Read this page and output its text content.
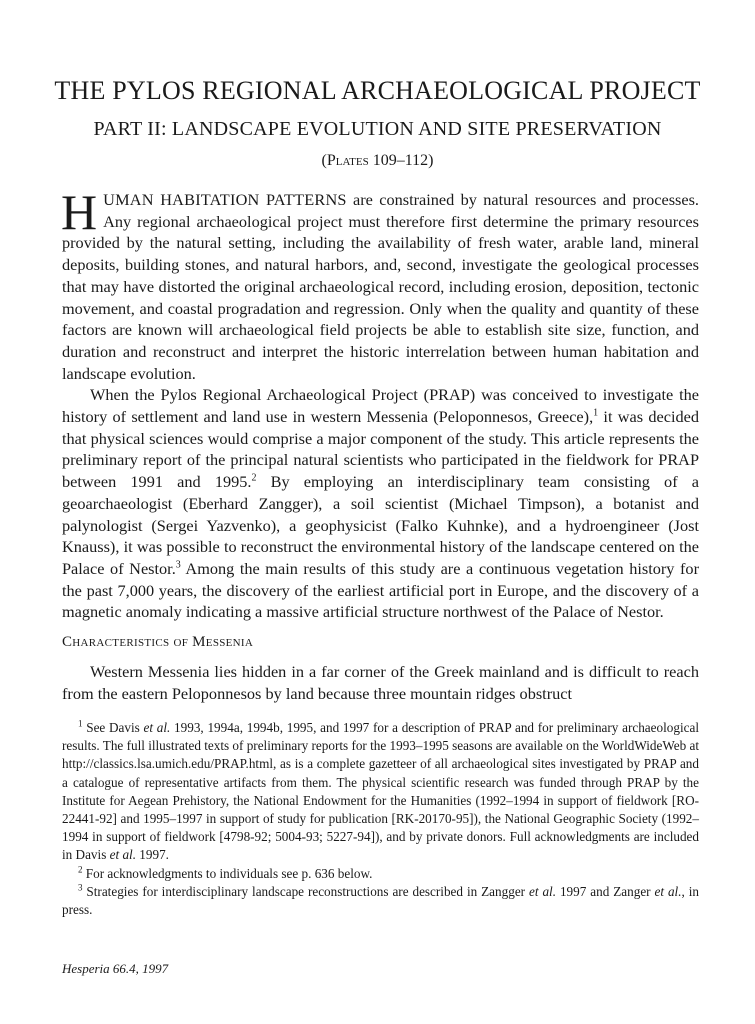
THE PYLOS REGIONAL ARCHAEOLOGICAL PROJECT
PART II: LANDSCAPE EVOLUTION AND SITE PRESERVATION
(Plates 109–112)

HUMAN HABITATION PATTERNS are constrained by natural resources and processes. Any regional archaeological project must therefore first determine the primary resources provided by the natural setting, including the availability of fresh water, arable land, mineral deposits, building stones, and natural harbors, and, second, investigate the geological processes that may have distorted the original archaeological record, including erosion, deposition, tectonic movement, and coastal progradation and regression. Only when the quality and quantity of these factors are known will archaeological field projects be able to establish site size, function, and duration and reconstruct and interpret the historic interrelation between human habitation and landscape evolution.

When the Pylos Regional Archaeological Project (PRAP) was conceived to investigate the history of settlement and land use in western Messenia (Peloponnesos, Greece),$^1$ it was decided that physical sciences would comprise a major component of the study. This article represents the preliminary report of the principal natural scientists who participated in the fieldwork for PRAP between 1991 and 1995.$^2$ By employing an interdisciplinary team consisting of a geoarchaeologist (Eberhard Zangger), a soil scientist (Michael Timpson), a botanist and palynologist (Sergei Yazvenko), a geophysicist (Falko Kuhnke), and a hydroengineer (Jost Knauss), it was possible to reconstruct the environmental history of the landscape centered on the Palace of Nestor.$^3$ Among the main results of this study are a continuous vegetation history for the past 7,000 years, the discovery of the earliest artificial port in Europe, and the discovery of a magnetic anomaly indicating a massive artificial structure northwest of the Palace of Nestor.

Characteristics of Messenia

Western Messenia lies hidden in a far corner of the Greek mainland and is difficult to reach from the eastern Peloponnesos by land because three mountain ridges obstruct

$^1$ See Davis et al. 1993, 1994a, 1994b, 1995, and 1997 for a description of PRAP and for preliminary archaeological results. The full illustrated texts of preliminary reports for the 1993–1995 seasons are available on the WorldWideWeb at http://classics.lsa.umich.edu/PRAP.html, as is a complete gazetteer of all archaeological sites investigated by PRAP and a catalogue of representative artifacts from them. The physical scientific research was funded through PRAP by the Institute for Aegean Prehistory, the National Endowment for the Humanities (1992–1994 in support of fieldwork [RO-22441-92] and 1995–1997 in support of study for publication [RK-20170-95]), the National Geographic Society (1992–1994 in support of fieldwork [4798-92; 5004-93; 5227-94]), and by private donors. Full acknowledgments are included in Davis et al. 1997.

$^2$ For acknowledgments to individuals see p. 636 below.

$^3$ Strategies for interdisciplinary landscape reconstructions are described in Zangger et al. 1997 and Zanger et al., in press.

Hesperia 66.4, 1997
